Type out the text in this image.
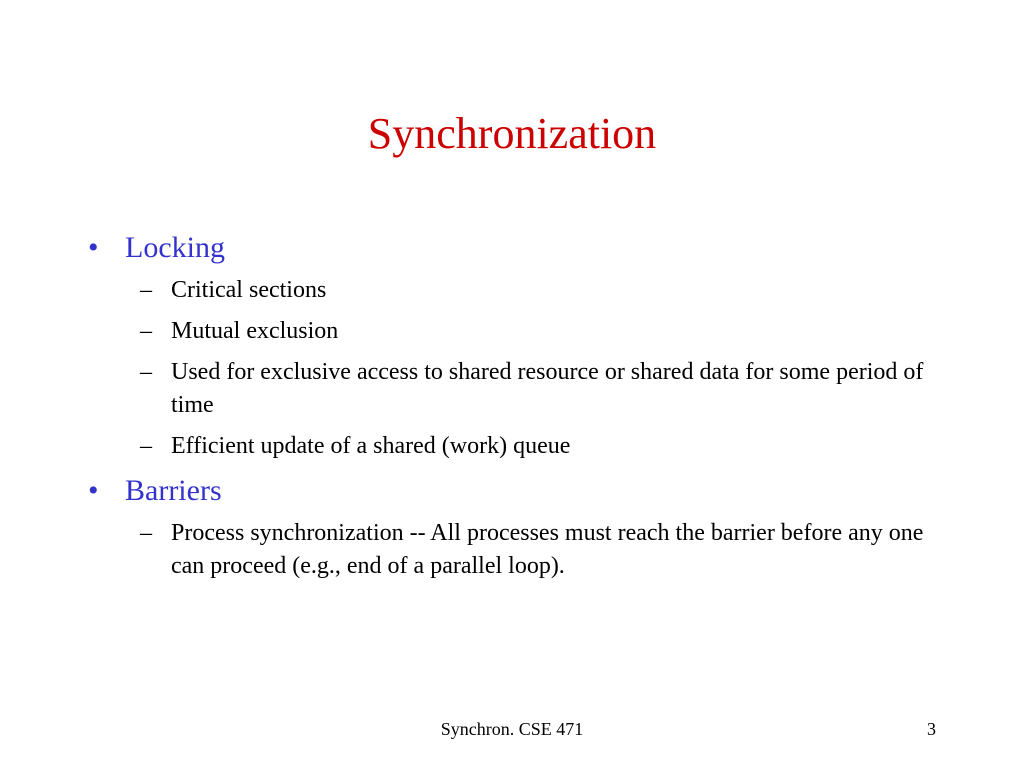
Synchronization
• Locking
– Critical sections
– Mutual exclusion
– Used for exclusive access to shared resource or shared data for some period of time
– Efficient update of a shared (work) queue
• Barriers
– Process synchronization -- All processes must reach the barrier before any one can proceed (e.g., end of a parallel loop).
Synchron. CSE 471	3
